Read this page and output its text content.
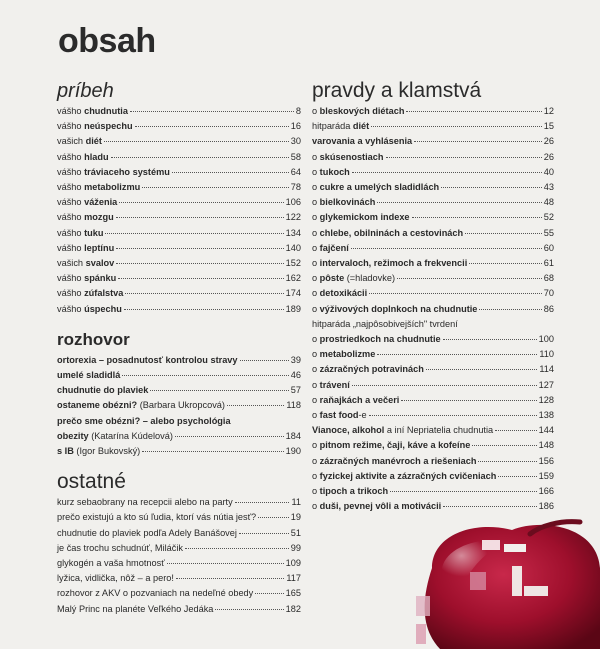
obsah
príbeh
vášho chudnutia	8
vášho neúspechu	16
vašich diét	30
vášho hladu	58
vášho tráviaceho systému	64
vášho metabolizmu	78
vášho váženia	106
vášho mozgu	122
vášho tuku	134
vášho leptínu	140
vašich svalov	152
vášho spánku	162
vášho zúfalstva	174
vášho úspechu	189
rozhovor
ortorexia – posadnutosť kontrolou stravy	39
umelé sladidlá	46
chudnutie do plaviek	57
ostaneme obézni? (Barbara Ukropcová)	118
prečo sme obézni? – alebo psychológia
obezity (Katarína Kúdelová)	184
s IB (Igor Bukovský)	190
ostatné
kurz sebaobrany na recepcii alebo na party	11
prečo existujú a kto sú ľudia, ktorí vás nútia jesť?	19
chudnutie do plaviek podľa Adely Banášovej	51
je čas trochu schudnúť, Miláčik	99
glykogén a vaša hmotnosť	109
lyžica, vidlička, nôž – a pero!	117
rozhovor z AKV o pozvaniach na nedeľné obedy	165
Malý Princ na planéte Veľkého Jedáka	182
pravdy a klamstvá
o bleskových diétach	12
hitparáda diét	15
varovania a vyhlásenia	26
o skúsenostiach	26
o tukoch	40
o cukre a umelých sladidlách	43
o bielkovinách	48
o glykemickom indexe	52
o chlebe, obilninách a cestovinách	55
o fajčení	60
o intervaloch, režimoch a frekvencii	61
o pôste (=hladovke)	68
o detoxikácii	70
o výživových doplnkoch na chudnutie	86
hitparáda „najpôsobivejších" tvrdení
o prostriedkoch na chudnutie	100
o metabolizme	110
o zázračných potravinách	114
o trávení	127
o raňajkách a večeri	128
o fast food-e	138
Vianoce, alkohol a iní Nepriatelia chudnutia	144
o pitnom režime, čaji, káve a kofeíne	148
o zázračných manévroch a riešeniach	156
o fyzickej aktivite a zázračných cvičeniach	159
o tipoch a trikoch	166
o duši, pevnej vôli a motivácii	186
